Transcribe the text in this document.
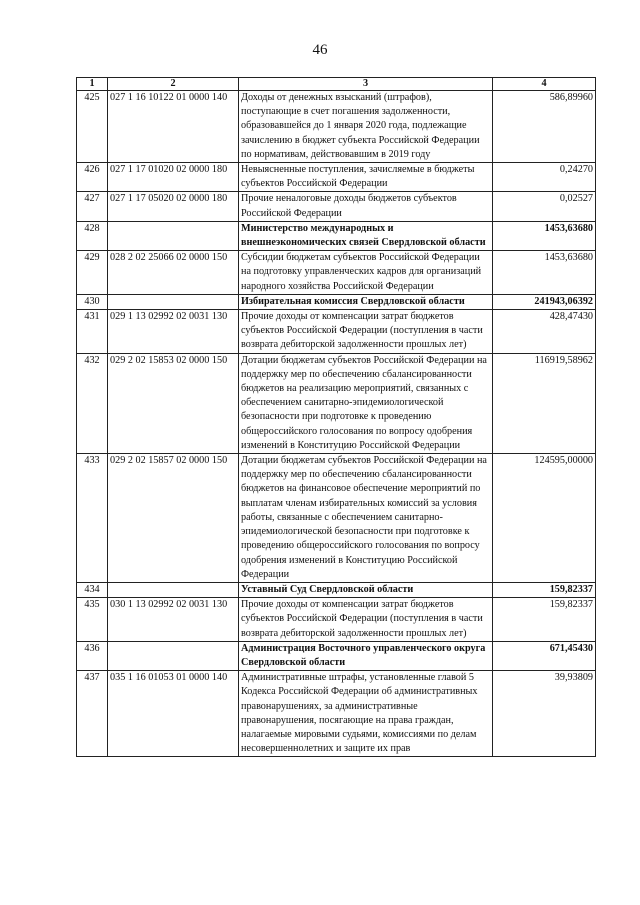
46
1	2	3	4
425	027 1 16 10122 01 0000 140	Доходы от денежных взысканий (штрафов), поступающие в счет погашения задолженности, образовавшейся до 1 января 2020 года, подлежащие зачислению в бюджет субъекта Российской Федерации по нормативам, действовавшим в 2019 году	586,89960
426	027 1 17 01020 02 0000 180	Невыясненные поступления, зачисляемые в бюджеты субъектов Российской Федерации	0,24270
427	027 1 17 05020 02 0000 180	Прочие неналоговые доходы бюджетов субъектов Российской Федерации	0,02527
428		Министерство международных и внешнеэкономических связей Свердловской области	1453,63680
429	028 2 02 25066 02 0000 150	Субсидии бюджетам субъектов Российской Федерации на подготовку управленческих кадров для организаций народного хозяйства Российской Федерации	1453,63680
430		Избирательная комиссия Свердловской области	241943,06392
431	029 1 13 02992 02 0031 130	Прочие доходы от компенсации затрат бюджетов субъектов Российской Федерации (поступления в части возврата дебиторской задолженности прошлых лет)	428,47430
432	029 2 02 15853 02 0000 150	Дотации бюджетам субъектов Российской Федерации на поддержку мер по обеспечению сбалансированности бюджетов на реализацию мероприятий, связанных с обеспечением санитарно-эпидемиологической безопасности при подготовке к проведению общероссийского голосования по вопросу одобрения изменений в Конституцию Российской Федерации	116919,58962
433	029 2 02 15857 02 0000 150	Дотации бюджетам субъектов Российской Федерации на поддержку мер по обеспечению сбалансированности бюджетов на финансовое обеспечение мероприятий по выплатам членам избирательных комиссий за условия работы, связанные с обеспечением санитарно-эпидемиологической безопасности при подготовке к проведению общероссийского голосования по вопросу одобрения изменений в Конституцию Российской Федерации	124595,00000
434		Уставный Суд Свердловской области	159,82337
435	030 1 13 02992 02 0031 130	Прочие доходы от компенсации затрат бюджетов субъектов Российской Федерации (поступления в части возврата дебиторской задолженности прошлых лет)	159,82337
436		Администрация Восточного управленческого округа Свердловской области	671,45430
437	035 1 16 01053 01 0000 140	Административные штрафы, установленные главой 5 Кодекса Российской Федерации об административных правонарушениях, за административные правонарушения, посягающие на права граждан, налагаемые мировыми судьями, комиссиями по делам несовершеннолетних и защите их прав	39,93809
